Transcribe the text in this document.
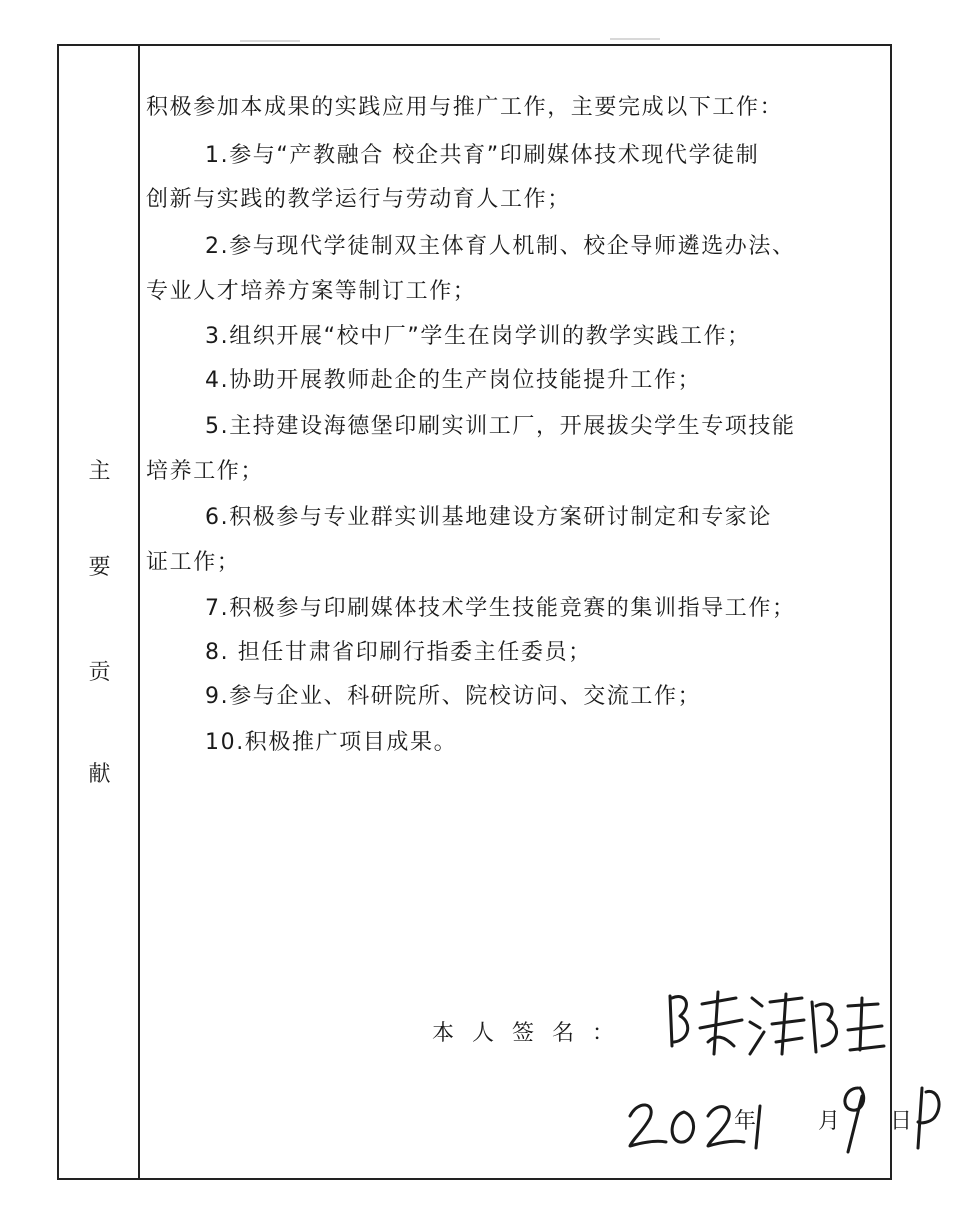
主
要
贡
献
积极参加本成果的实践应用与推广工作，主要完成以下工作：
1.参与“产教融合 校企共育”印刷媒体技术现代学徒制
创新与实践的教学运行与劳动育人工作；
2.参与现代学徒制双主体育人机制、校企导师遴选办法、
专业人才培养方案等制订工作；
3.组织开展“校中厂”学生在岗学训的教学实践工作；
4.协助开展教师赴企的生产岗位技能提升工作；
5.主持建设海德堡印刷实训工厂，开展拔尖学生专项技能
培养工作；
6.积极参与专业群实训基地建设方案研讨制定和专家论
证工作；
7.积极参与印刷媒体技术学生技能竞赛的集训指导工作；
8. 担任甘肃省印刷行指委主任委员；
9.参与企业、科研院所、院校访问、交流工作；
10.积极推广项目成果。
本人签名：
年	月 日
